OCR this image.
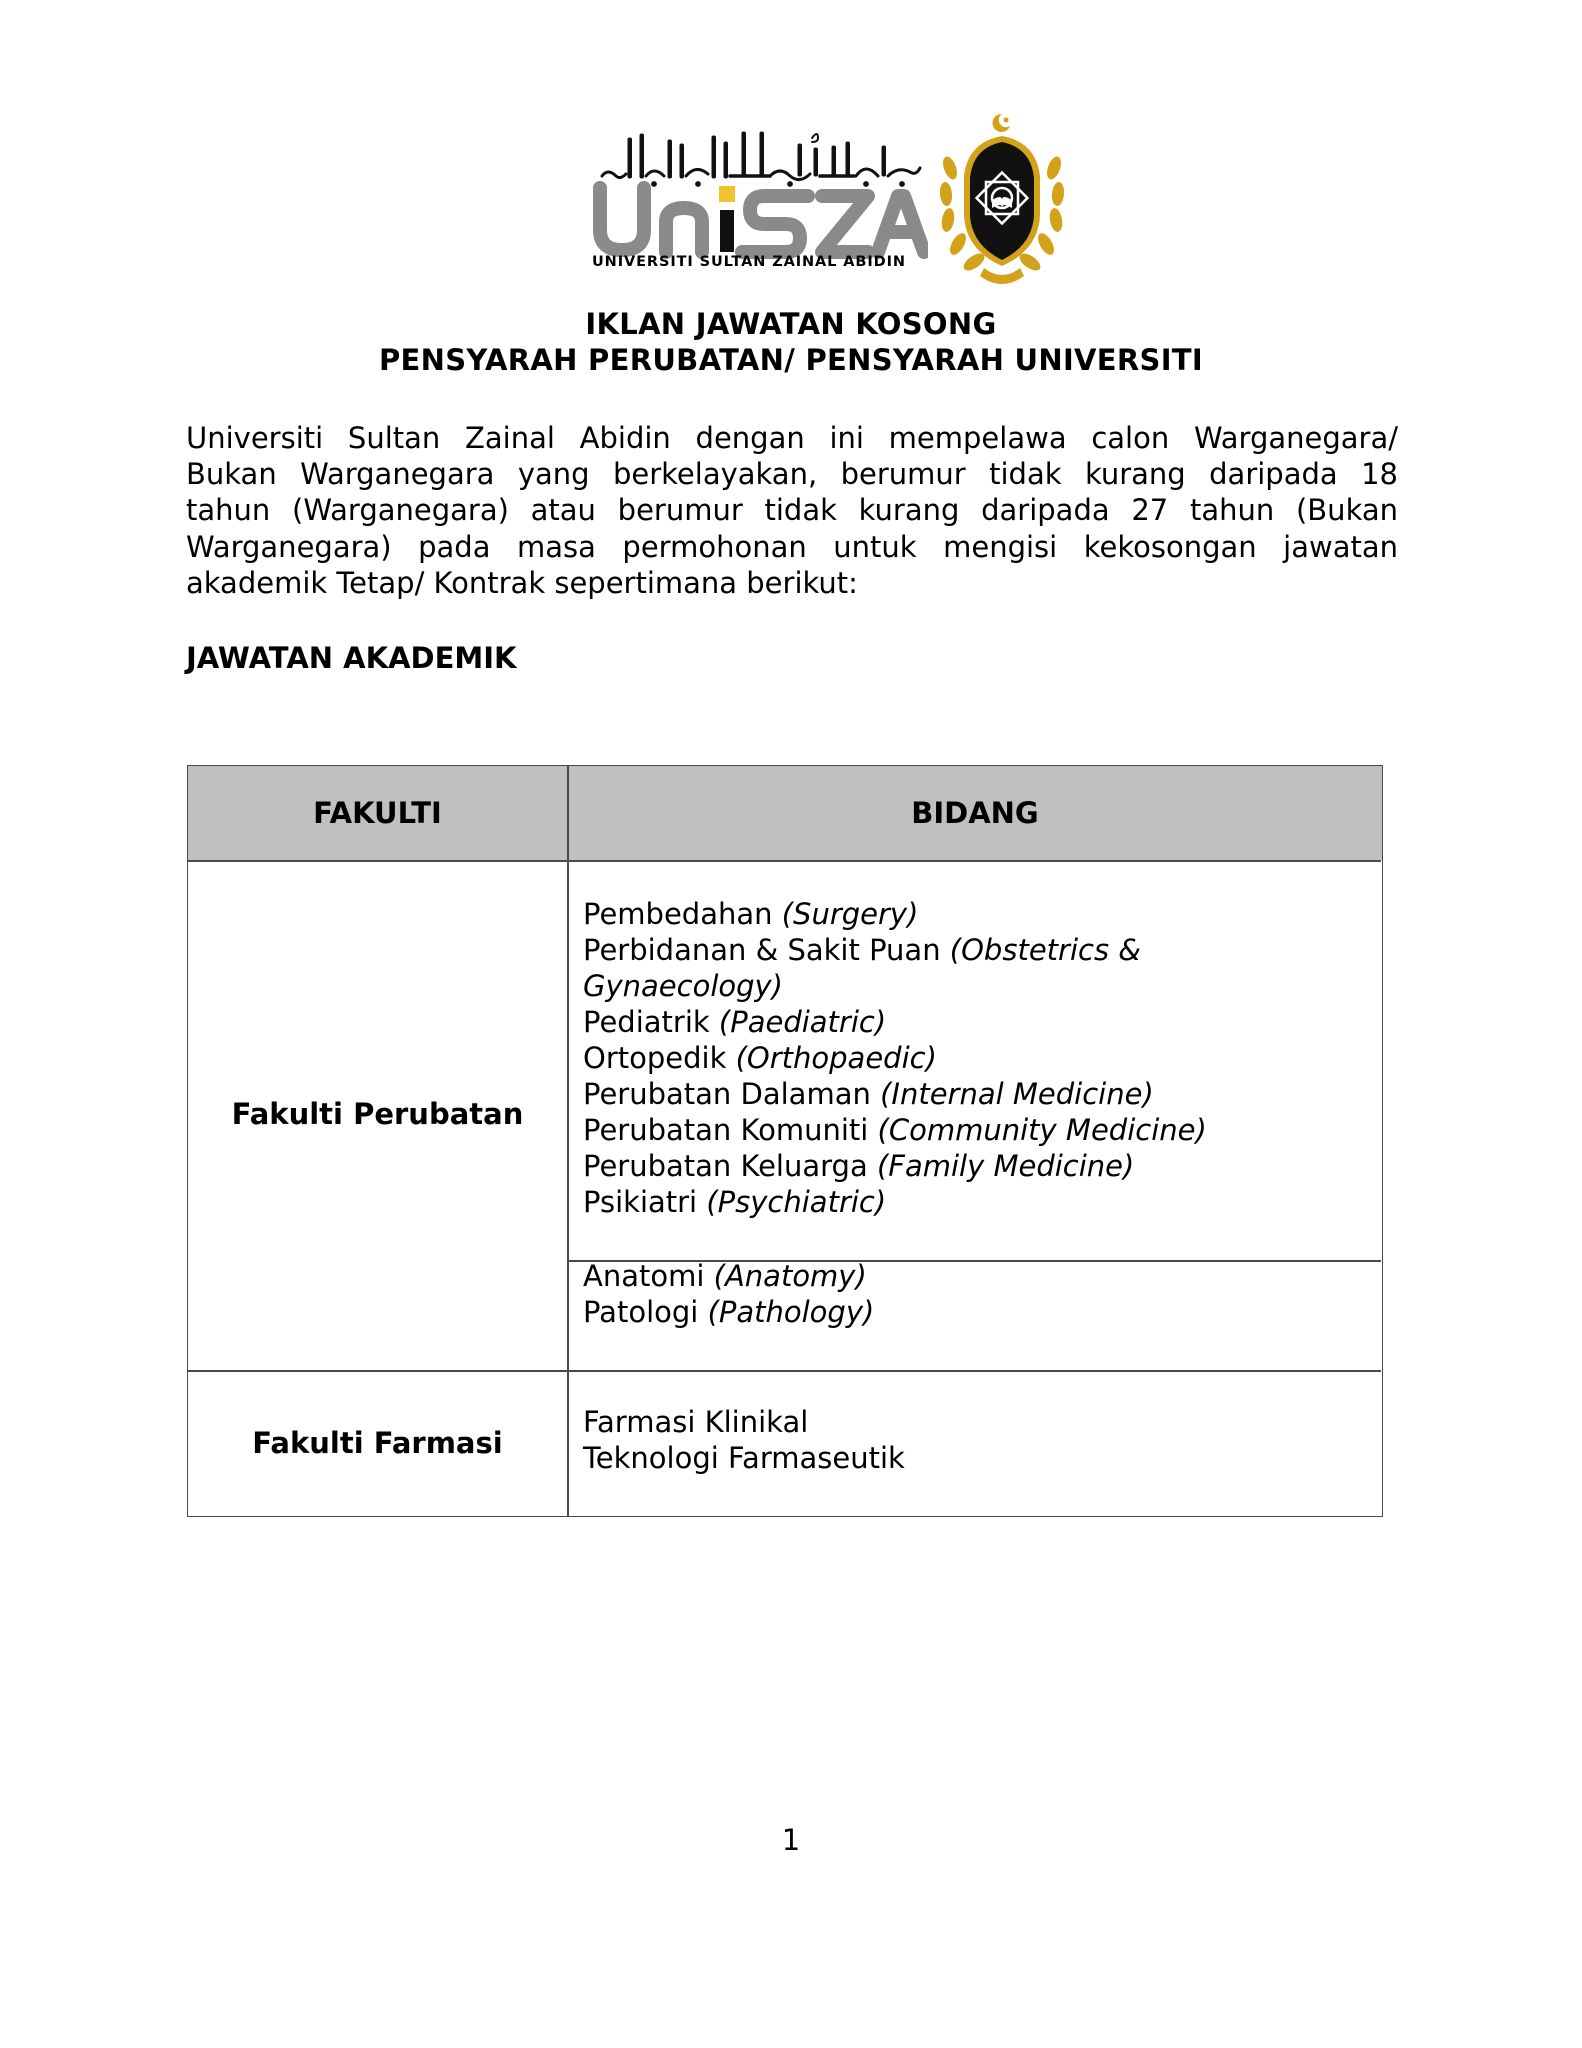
UNIVERSITI SULTAN ZAINAL ABIDIN
IKLAN JAWATAN KOSONG
PENSYARAH PERUBATAN/ PENSYARAH UNIVERSITI
Universiti Sultan Zainal Abidin dengan ini mempelawa calon Warganegara/
Bukan Warganegara yang berkelayakan, berumur tidak kurang daripada 18
tahun (Warganegara) atau berumur tidak kurang daripada 27 tahun (Bukan
Warganegara) pada masa permohonan untuk mengisi kekosongan jawatan
akademik Tetap/ Kontrak sepertimana berikut:
JAWATAN AKADEMIK
FAKULTI	BIDANG
Fakulti Perubatan
Pembedahan (Surgery)
Perbidanan & Sakit Puan (Obstetrics &
Gynaecology)
Pediatrik (Paediatric)
Ortopedik (Orthopaedic)
Perubatan Dalaman (Internal Medicine)
Perubatan Komuniti (Community Medicine)
Perubatan Keluarga (Family Medicine)
Psikiatri (Psychiatric)
Anatomi (Anatomy)
Patologi (Pathology)
Fakulti Farmasi
Farmasi Klinikal
Teknologi Farmaseutik
1
